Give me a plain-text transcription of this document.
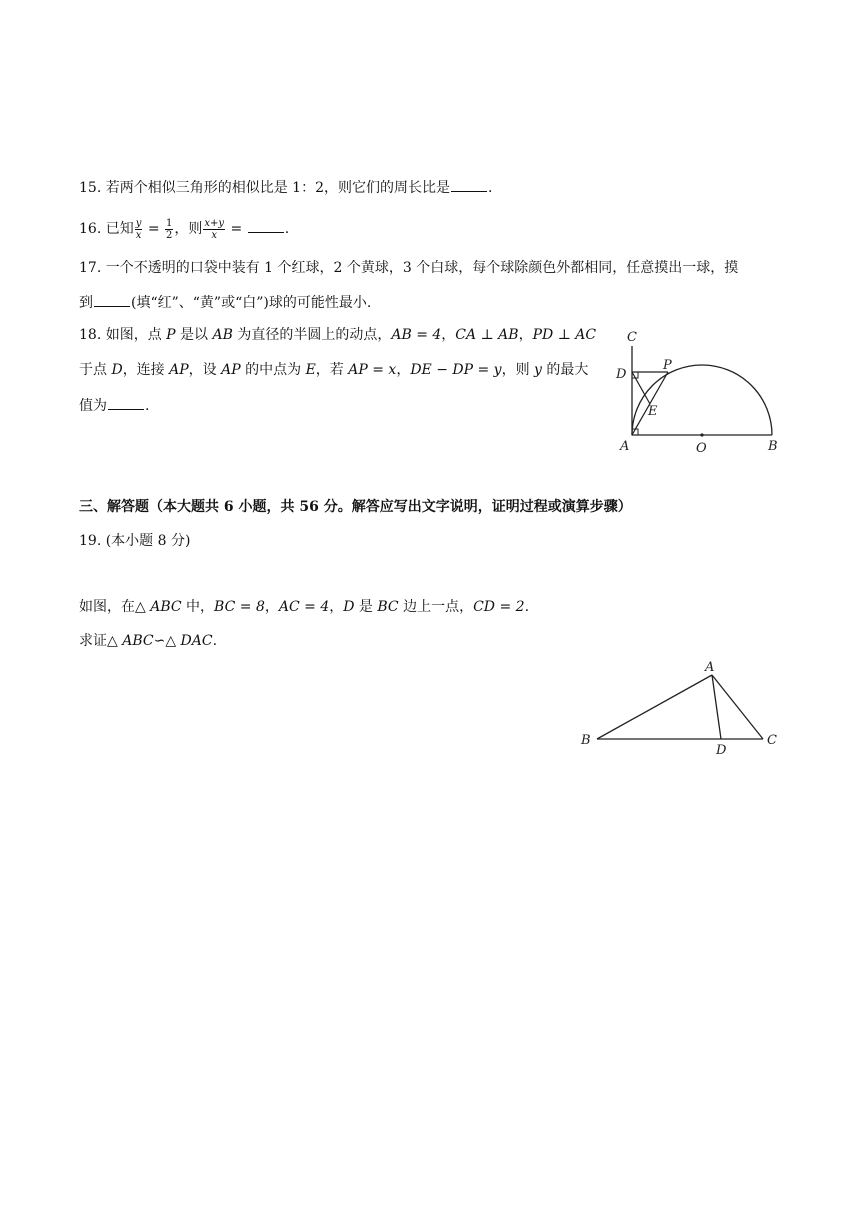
15. 若两个相似三角形的相似比是 1：2，则它们的周长比是	.
16. 已知 $\frac{y}{x} = \frac{1}{2}$ ，则 $\frac{x+y}{x}$ =	.
17. 一个不透明的口袋中装有 1 个红球，2 个黄球，3 个白球，每个球除颜色外都相同，任意摸出一球，摸
到	(填“红”、“黄”或“白”)球的可能性最小.
18. 如图，点 P 是以 AB 为直径的半圆上的动点，AB = 4，CA ⊥ AB，PD ⊥ AC
于点 D，连接 AP，设 AP 的中点为 E，若 AP = x，DE − DP = y，则 y 的最大
值为	.
C
P
D
E
A	O	B
三、解答题（本大题共 6 小题，共 56 分。解答应写出文字说明，证明过程或演算步骤）
19. (本小题 8 分)
如图，在△ ABC 中，BC = 8，AC = 4，D 是 BC 边上一点，CD = 2.
求证△ ABC∽△ DAC.
A
B
D
C
